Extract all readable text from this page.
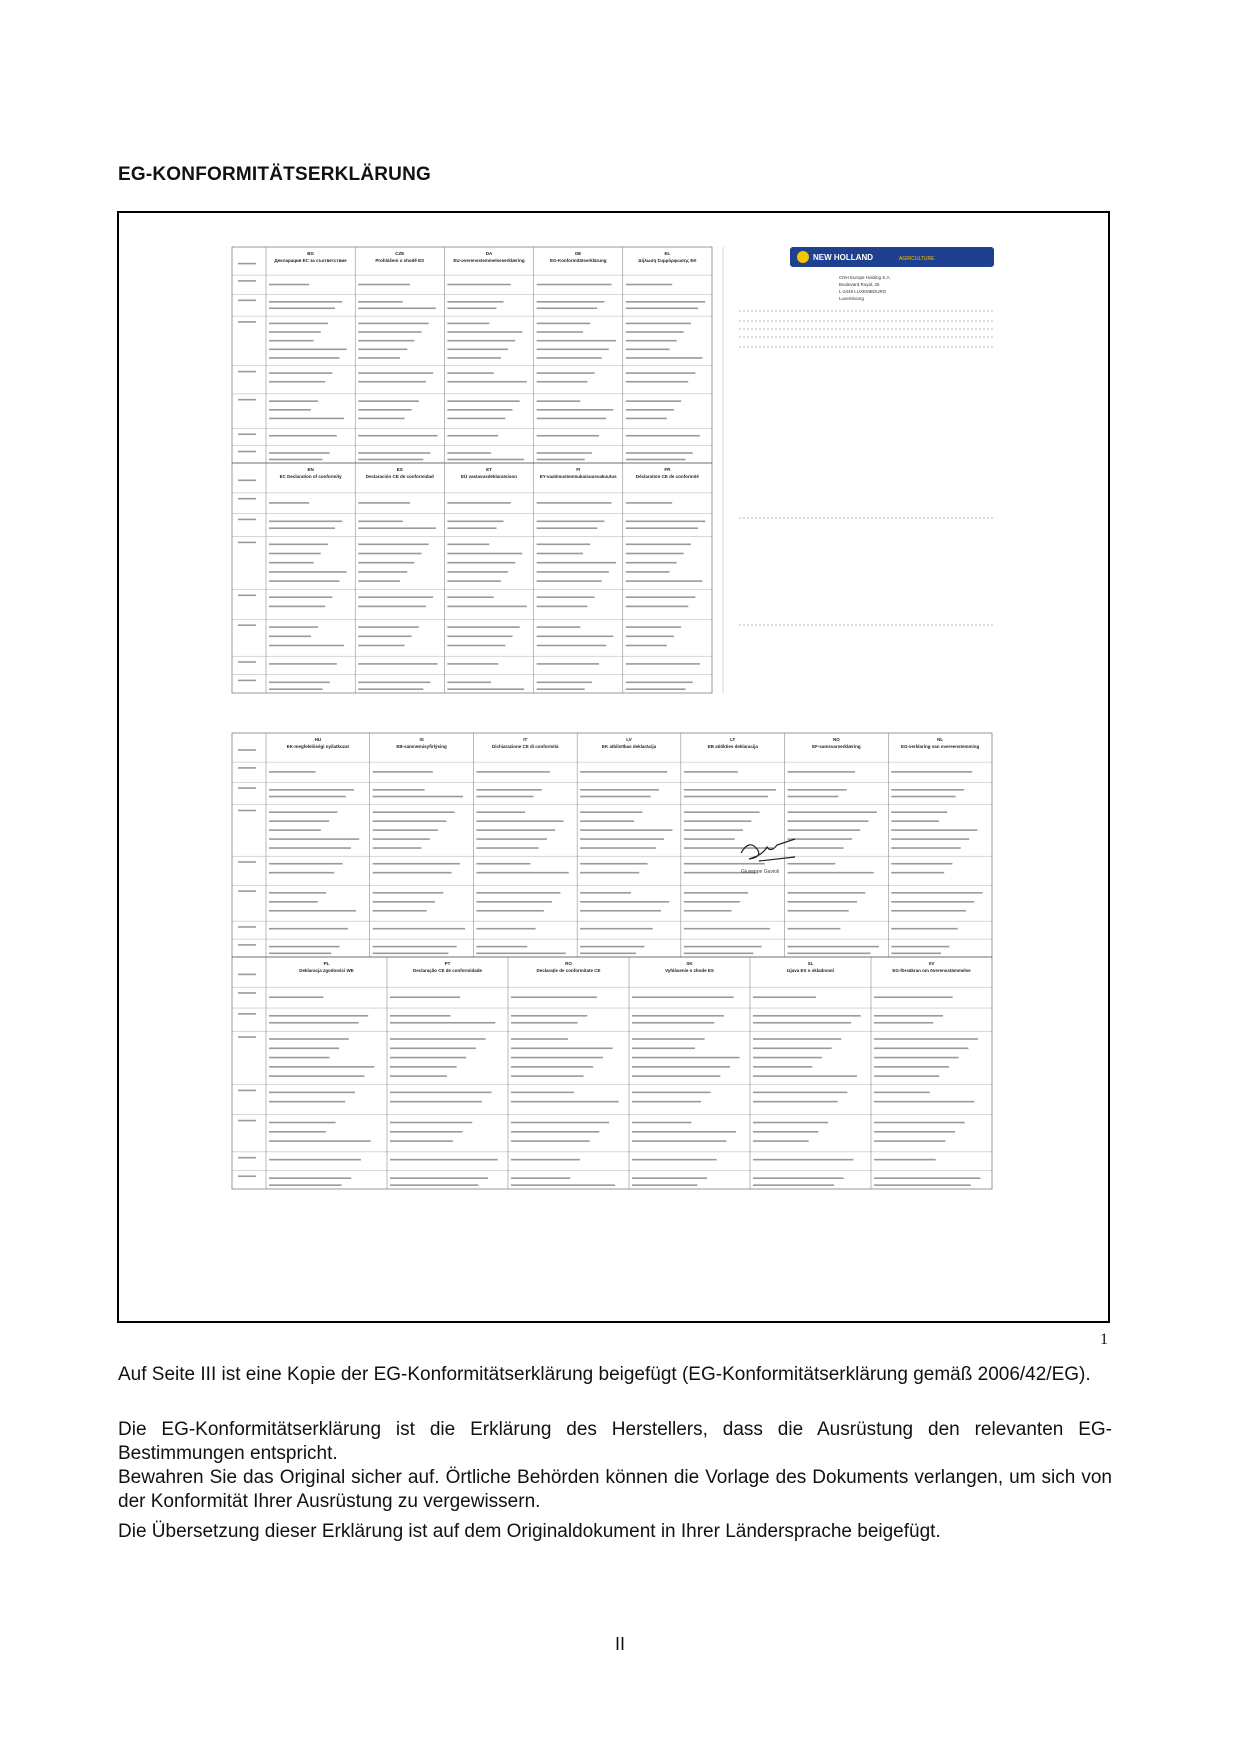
EG-KONFORMITÄTSERKLÄRUNG
BG
Декларация ЕС за съответствие
CZE
Prohlášení o shodě ES
DA
EU-overensstemmelseserklæring
DE
EG-Konformitätserklärung
EL
Δήλωση Συμμόρφωσης ΕΚ
EN
EC Declaration of conformity
ES
Declaración CE de conformidad
ET
EÜ vastavusdeklaratsioon
FI
EY-vaatimustenmukaisuusvakuutus
FR
Déclaration CE de conformité
HU
EK-megfelelőségi nyilatkozat
IS
EB-samræmisyfirlýsing
IT
Dichiarazione CE di conformità
LV
EK atbilstības deklarācija
LT
EB atitikties deklaracija
NO
EF-samsvarserklæring
NL
EG-verklaring van overeenstemming
PL
Deklaracja zgodności WE
PT
Declaração CE de conformidade
RO
Declarație de conformitate CE
SK
Vyhlásenie o zhode ES
SL
Izjava ES o skladnosti
SV
EG-försäkran om överensstämmelse
NEW HOLLAND	AGRICULTURE
CNH Europe Holding S.A.
Boulevard Royal, 25
L-2449 LUXEMBOURG
Luxembourg
Giuseppe Gavioli
1

Auf Seite III ist eine Kopie der EG-Konformitätserklärung beigefügt (EG-Konformitätserklärung gemäß 2006/42/EG).

Die EG-Konformitätserklärung ist die Erklärung des Herstellers, dass die Ausrüstung den relevanten EG-Bestimmungen entspricht.

Bewahren Sie das Original sicher auf. Örtliche Behörden können die Vorlage des Dokuments verlangen, um sich von der Konformität Ihrer Ausrüstung zu vergewissern.

Die Übersetzung dieser Erklärung ist auf dem Originaldokument in Ihrer Ländersprache beigefügt.

II
